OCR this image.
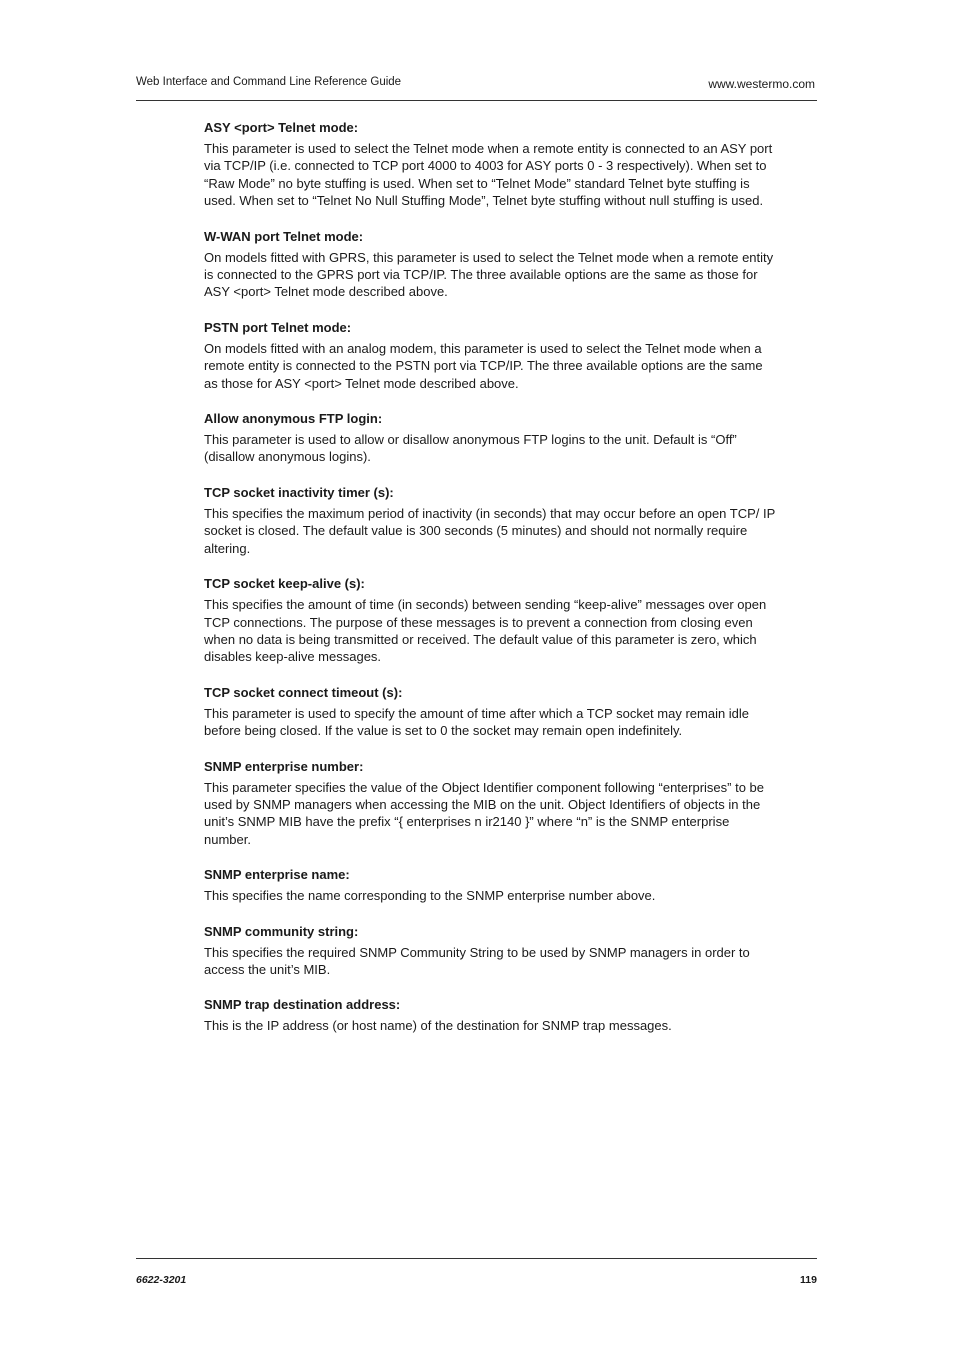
Web Interface and Command Line Reference Guide	www.westermo.com
ASY <port> Telnet mode:

This parameter is used to select the Telnet mode when a remote entity is connected to an ASY port via TCP/IP (i.e. connected to TCP port 4000 to 4003 for ASY ports 0 - 3 respectively). When set to “Raw Mode” no byte stuffing is used. When set to “Telnet Mode” standard Telnet byte stuffing is used. When set to “Telnet No Null Stuffing Mode”, Telnet byte stuffing without null stuffing is used.

W-WAN port Telnet mode:

On models fitted with GPRS, this parameter is used to select the Telnet mode when a remote entity is connected to the GPRS port via TCP/IP. The three available options are the same as those for ASY <port> Telnet mode described above.

PSTN port Telnet mode:

On models fitted with an analog modem, this parameter is used to select the Telnet mode when a remote entity is connected to the PSTN port via TCP/IP. The three available options are the same as those for ASY <port> Telnet mode described above.

Allow anonymous FTP login:

This parameter is used to allow or disallow anonymous FTP logins to the unit. Default is “Off” (disallow anonymous logins).

TCP socket inactivity timer (s):

This specifies the maximum period of inactivity (in seconds) that may occur before an open TCP/ IP socket is closed. The default value is 300 seconds (5 minutes) and should not normally require altering.

TCP socket keep-alive (s):

This specifies the amount of time (in seconds) between sending “keep-alive” messages over open TCP connections. The purpose of these messages is to prevent a connection from closing even when no data is being transmitted or received. The default value of this parameter is zero, which disables keep-alive messages.

TCP socket connect timeout (s):

This parameter is used to specify the amount of time after which a TCP socket may remain idle before being closed. If the value is set to 0 the socket may remain open indefinitely.

SNMP enterprise number:

This parameter specifies the value of the Object Identifier component following “enterprises” to be used by SNMP managers when accessing the MIB on the unit. Object Identifiers of objects in the unit’s SNMP MIB have the prefix “{ enterprises n ir2140 }” where “n” is the SNMP enterprise number.

SNMP enterprise name:

This specifies the name corresponding to the SNMP enterprise number above.

SNMP community string:

This specifies the required SNMP Community String to be used by SNMP managers in order to access the unit’s MIB.

SNMP trap destination address:

This is the IP address (or host name) of the destination for SNMP trap messages.

6622-3201	119
